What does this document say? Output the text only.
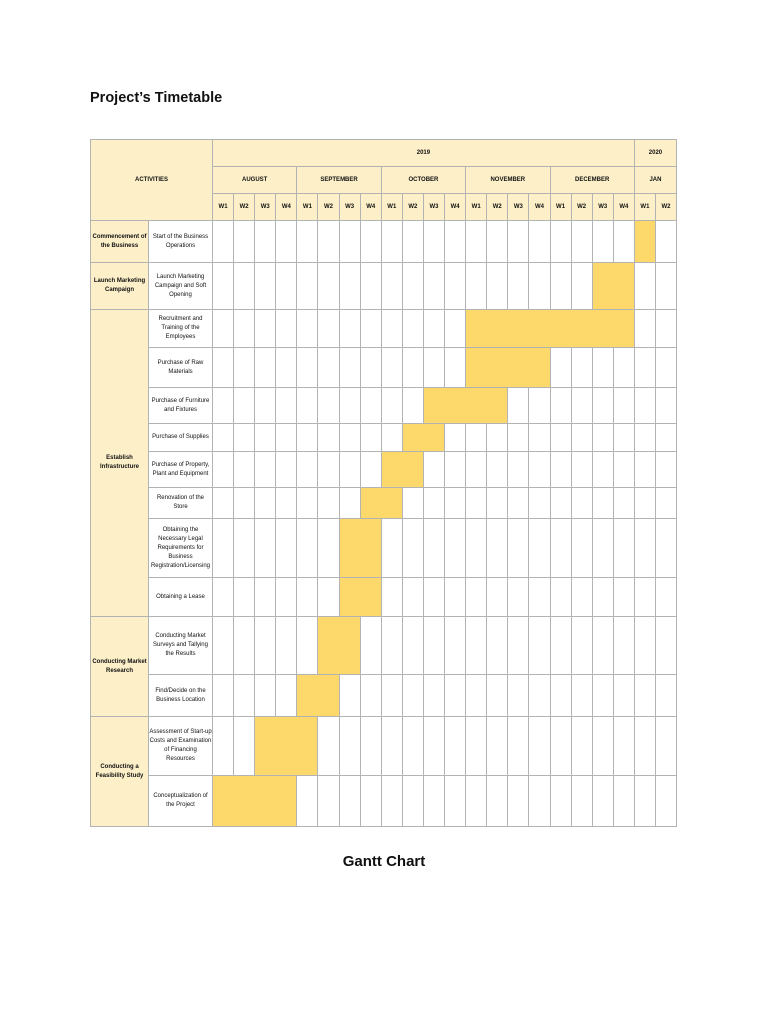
Project’s Timetable
ACTIVITIES		2019																				2020	
		AUGUST				SEPTEMBER				OCTOBER				NOVEMBER				DECEMBER				JAN	
		W1	W2	W3	W4	W1	W2	W3	W4	W1	W2	W3	W4	W1	W2	W3	W4	W1	W2	W3	W4	W1	W2
Commencement of the Business	Start of the Business Operations																						
Launch Marketing Campaign	Launch Marketing Campaign and Soft Opening																						
Establish Infrastructure	Recruitment and Training of the Employees																						
	Purchase of Raw Materials																						
	Purchase of Furniture and Fixtures																						
	Purchase of Supplies																						
	Purchase of Property, Plant and Equipment																						
	Renovation of the Store																						
	Obtaining the Necessary Legal Requirements for Business Registration/Licensing																						
	Obtaining a Lease																						
Conducting Market Research	Conducting Market Surveys and Tallying the Results																						
	Find/Decide on the Business Location																						
Conducting a Feasibility Study	Assessment of Start-up Costs and Examination of Financing Resources																						
	Conceptualization of the Project																						
Gantt Chart
